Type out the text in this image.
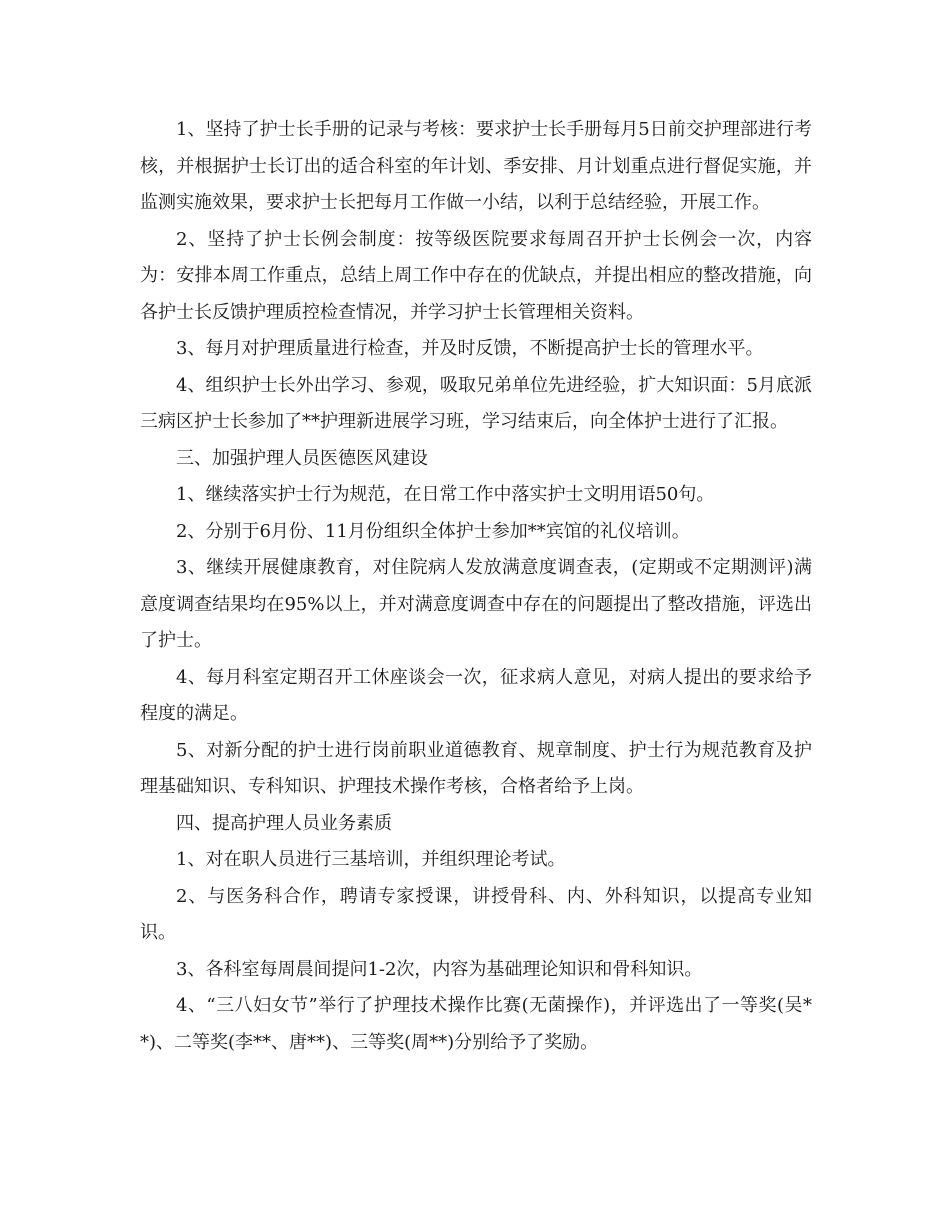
1、坚持了护士长手册的记录与考核：要求护士长手册每月5日前交护理部进行考核，并根据护士长订出的适合科室的年计划、季安排、月计划重点进行督促实施，并监测实施效果，要求护士长把每月工作做一小结，以利于总结经验，开展工作。

2、坚持了护士长例会制度：按等级医院要求每周召开护士长例会一次，内容为：安排本周工作重点，总结上周工作中存在的优缺点，并提出相应的整改措施，向各护士长反馈护理质控检查情况，并学习护士长管理相关资料。

3、每月对护理质量进行检查，并及时反馈，不断提高护士长的管理水平。

4、组织护士长外出学习、参观，吸取兄弟单位先进经验，扩大知识面：5月底派三病区护士长参加了**护理新进展学习班，学习结束后，向全体护士进行了汇报。

三、加强护理人员医德医风建设

1、继续落实护士行为规范，在日常工作中落实护士文明用语50句。

2、分别于6月份、11月份组织全体护士参加**宾馆的礼仪培训。

3、继续开展健康教育，对住院病人发放满意度调查表，(定期或不定期测评)满意度调查结果均在95%以上，并对满意度调查中存在的问题提出了整改措施，评选出了护士。

4、每月科室定期召开工休座谈会一次，征求病人意见，对病人提出的要求给予程度的满足。

5、对新分配的护士进行岗前职业道德教育、规章制度、护士行为规范教育及护理基础知识、专科知识、护理技术操作考核，合格者给予上岗。

四、提高护理人员业务素质

1、对在职人员进行三基培训，并组织理论考试。

2、与医务科合作，聘请专家授课，讲授骨科、内、外科知识，以提高专业知识。

3、各科室每周晨间提问1-2次，内容为基础理论知识和骨科知识。

4、“三八妇女节”举行了护理技术操作比赛(无菌操作)，并评选出了一等奖(吴**)、二等奖(李**、唐**)、三等奖(周**)分别给予了奖励。
